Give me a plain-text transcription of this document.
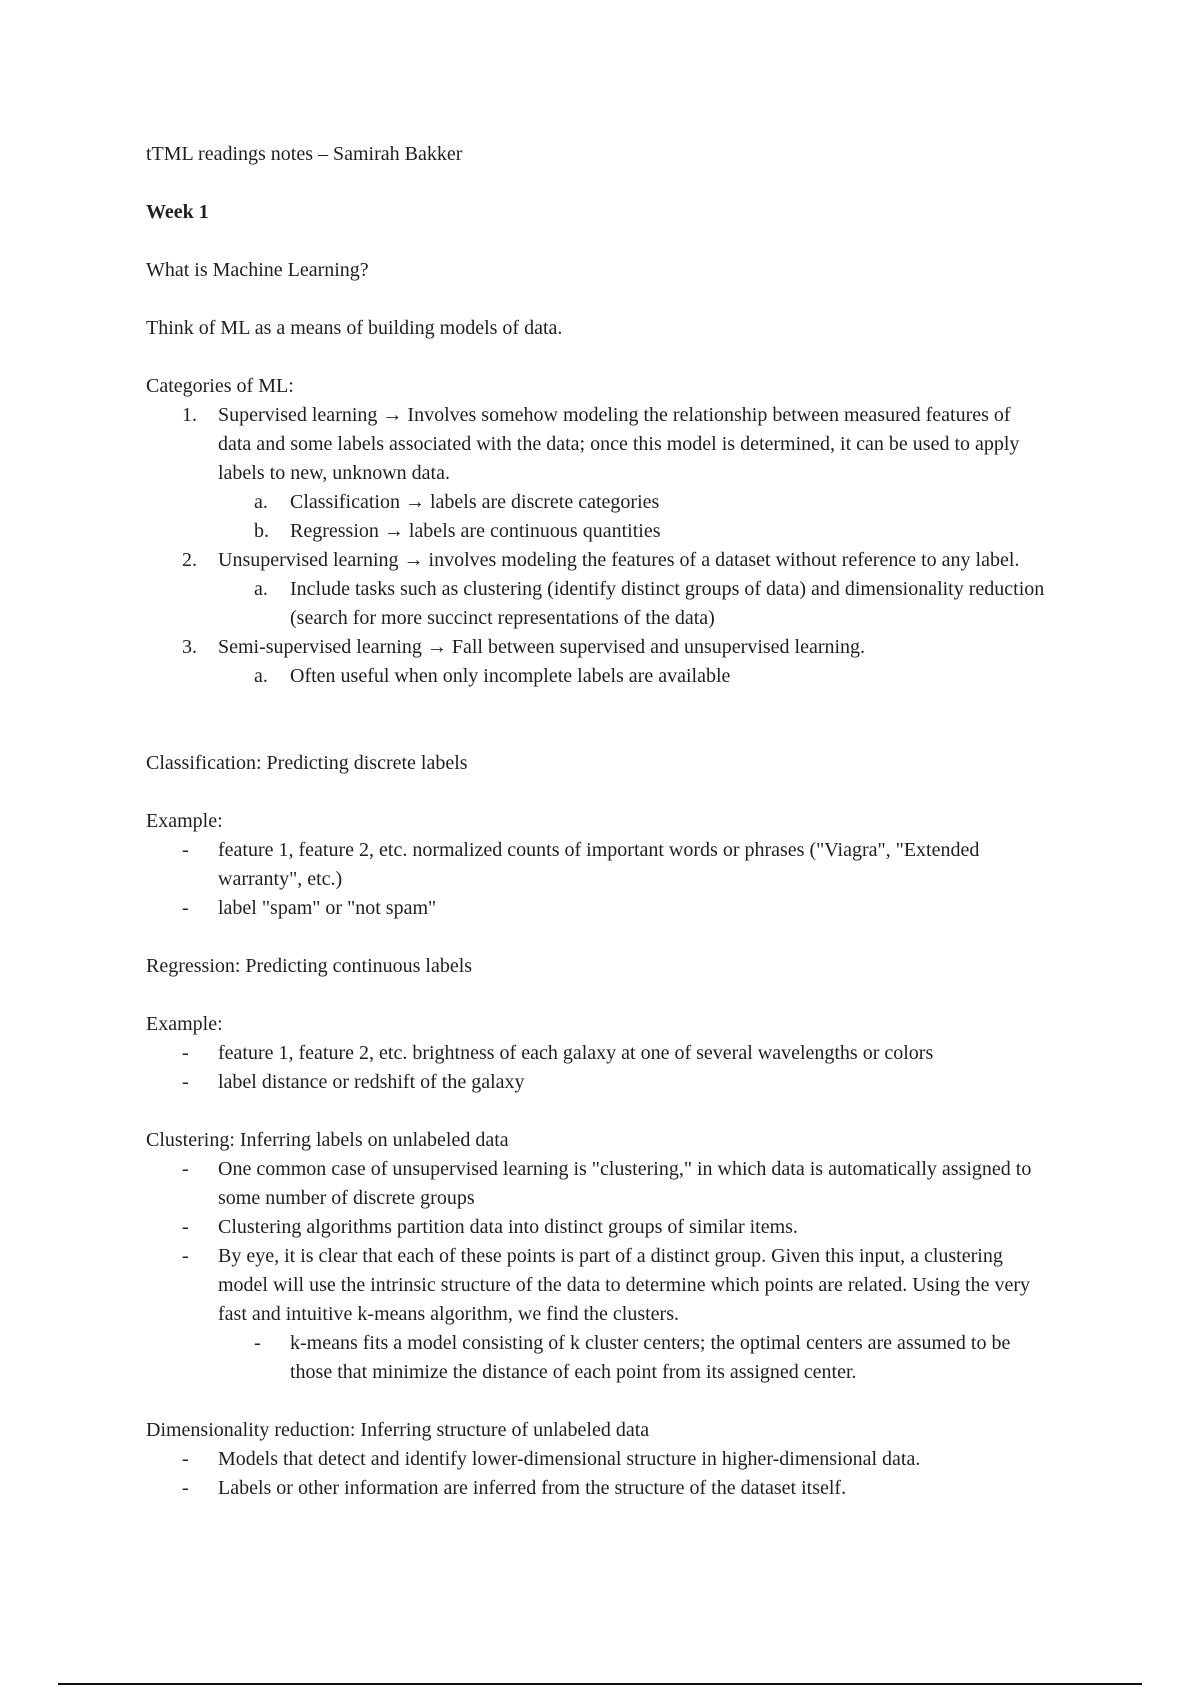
tTML readings notes – Samirah Bakker

Week 1

What is Machine Learning?

Think of ML as a means of building models of data.

Categories of ML:

1. Supervised learning → Involves somehow modeling the relationship between measured features of data and some labels associated with the data; once this model is determined, it can be used to apply labels to new, unknown data.
a. Classification → labels are discrete categories
b. Regression → labels are continuous quantities
2. Unsupervised learning → involves modeling the features of a dataset without reference to any label.
a. Include tasks such as clustering (identify distinct groups of data) and dimensionality reduction (search for more succinct representations of the data)
3. Semi-supervised learning → Fall between supervised and unsupervised learning.
a. Often useful when only incomplete labels are available

Classification: Predicting discrete labels

Example:

- feature 1, feature 2, etc. normalized counts of important words or phrases ("Viagra", "Extended warranty", etc.)
- label "spam" or "not spam"

Regression: Predicting continuous labels

Example:

- feature 1, feature 2, etc. brightness of each galaxy at one of several wavelengths or colors
- label distance or redshift of the galaxy

Clustering: Inferring labels on unlabeled data

- One common case of unsupervised learning is "clustering," in which data is automatically assigned to some number of discrete groups
- Clustering algorithms partition data into distinct groups of similar items.
- By eye, it is clear that each of these points is part of a distinct group. Given this input, a clustering model will use the intrinsic structure of the data to determine which points are related. Using the very fast and intuitive k-means algorithm, we find the clusters.
- k-means fits a model consisting of k cluster centers; the optimal centers are assumed to be those that minimize the distance of each point from its assigned center.

Dimensionality reduction: Inferring structure of unlabeled data

- Models that detect and identify lower-dimensional structure in higher-dimensional data.
- Labels or other information are inferred from the structure of the dataset itself.
